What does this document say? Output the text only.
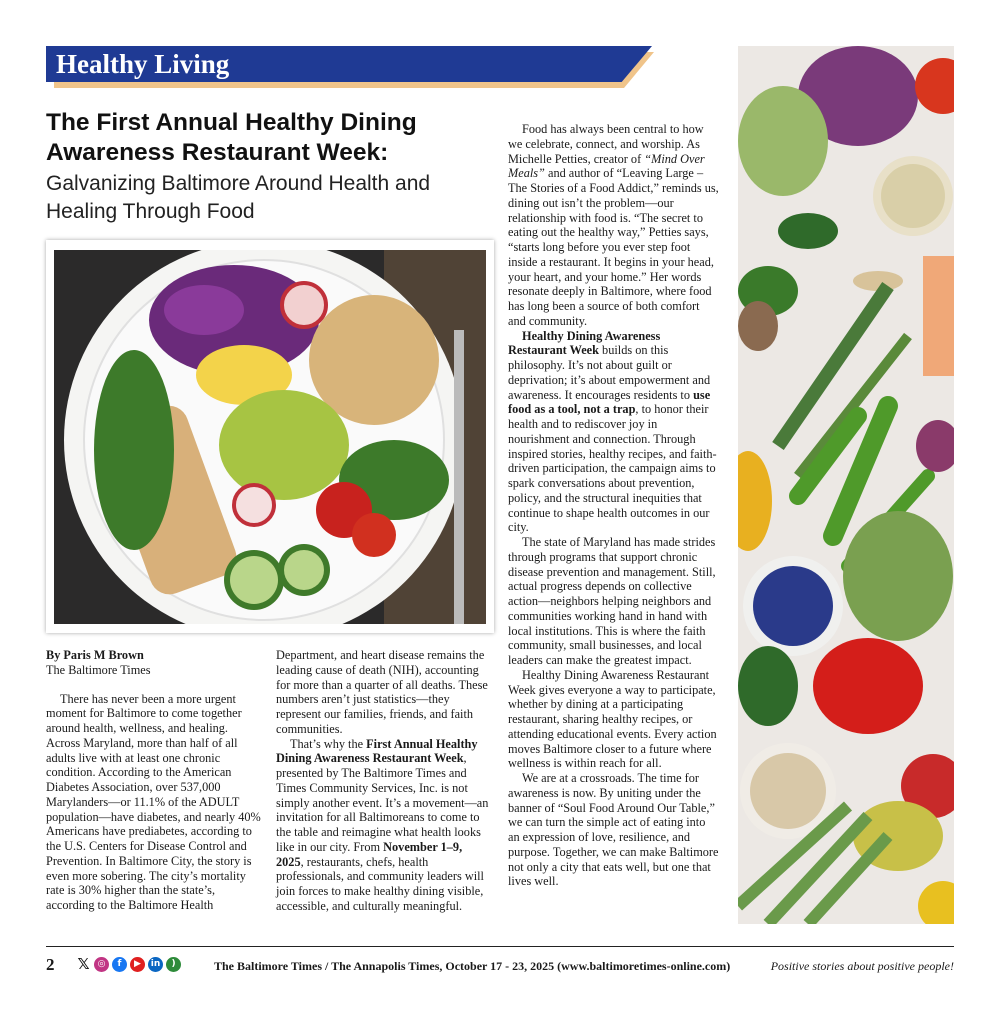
Healthy Living
The First Annual Healthy Dining Awareness Restaurant Week:
Galvanizing Baltimore Around Health and Healing Through Food

By Paris M Brown

The Baltimore Times

There has never been a more urgent moment for Baltimore to come together around health, wellness, and healing. Across Maryland, more than half of all adults live with at least one chronic condition. According to the American Diabetes Association, over 537,000 Marylanders—or 11.1% of the ADULT population—have diabetes, and nearly 40% Americans have prediabetes, according to the U.S. Centers for Disease Control and Prevention. In Baltimore City, the story is even more sobering. The city’s mortality rate is 30% higher than the state’s, according to the Baltimore Health

Department, and heart disease remains the leading cause of death (NIH), accounting for more than a quarter of all deaths. These numbers aren’t just statistics—they represent our families, friends, and faith communities.

That’s why the First Annual Healthy Dining Awareness Restaurant Week, presented by The Baltimore Times and Times Community Services, Inc. is not simply another event. It’s a movement—an invitation for all Baltimoreans to come to the table and reimagine what health looks like in our city. From November 1–9, 2025, restaurants, chefs, health professionals, and community leaders will join forces to make healthy dining visible, accessible, and culturally meaningful.

Food has always been central to how we celebrate, connect, and worship. As Michelle Petties, creator of “Mind Over Meals” and author of “Leaving Large – The Stories of a Food Addict,” reminds us, dining out isn’t the problem—our relationship with food is. “The secret to eating out the healthy way,” Petties says, “starts long before you ever step foot inside a restaurant. It begins in your head, your heart, and your home.” Her words resonate deeply in Baltimore, where food has long been a source of both comfort and community.

Healthy Dining Awareness Restaurant Week builds on this philosophy. It’s not about guilt or deprivation; it’s about empowerment and awareness. It encourages residents to use food as a tool, not a trap, to honor their health and to rediscover joy in nourishment and connection. Through inspired stories, healthy recipes, and faith-driven participation, the campaign aims to spark conversations about prevention, policy, and the structural inequities that continue to shape health outcomes in our city.

The state of Maryland has made strides through programs that support chronic disease prevention and management. Still, actual progress depends on collective action—neighbors helping neighbors and communities working hand in hand with local institutions. This is where the faith community, small businesses, and local leaders can make the greatest impact.

Healthy Dining Awareness Restaurant Week gives everyone a way to participate, whether by dining at a participating restaurant, sharing healthy recipes, or attending educational events. Every action moves Baltimore closer to a future where wellness is within reach for all.

We are at a crossroads. The time for awareness is now. By uniting under the banner of “Soul Food Around Our Table,” we can turn the simple act of eating into an expression of love, resilience, and purpose. Together, we can make Baltimore not only a city that eats well, but one that lives well.

2 𝕏 ◎	f	▶	in	)	The Baltimore Times / The Annapolis Times, October 17 - 23, 2025 (www.baltimoretimes-online.com)	Positive stories about positive people!
